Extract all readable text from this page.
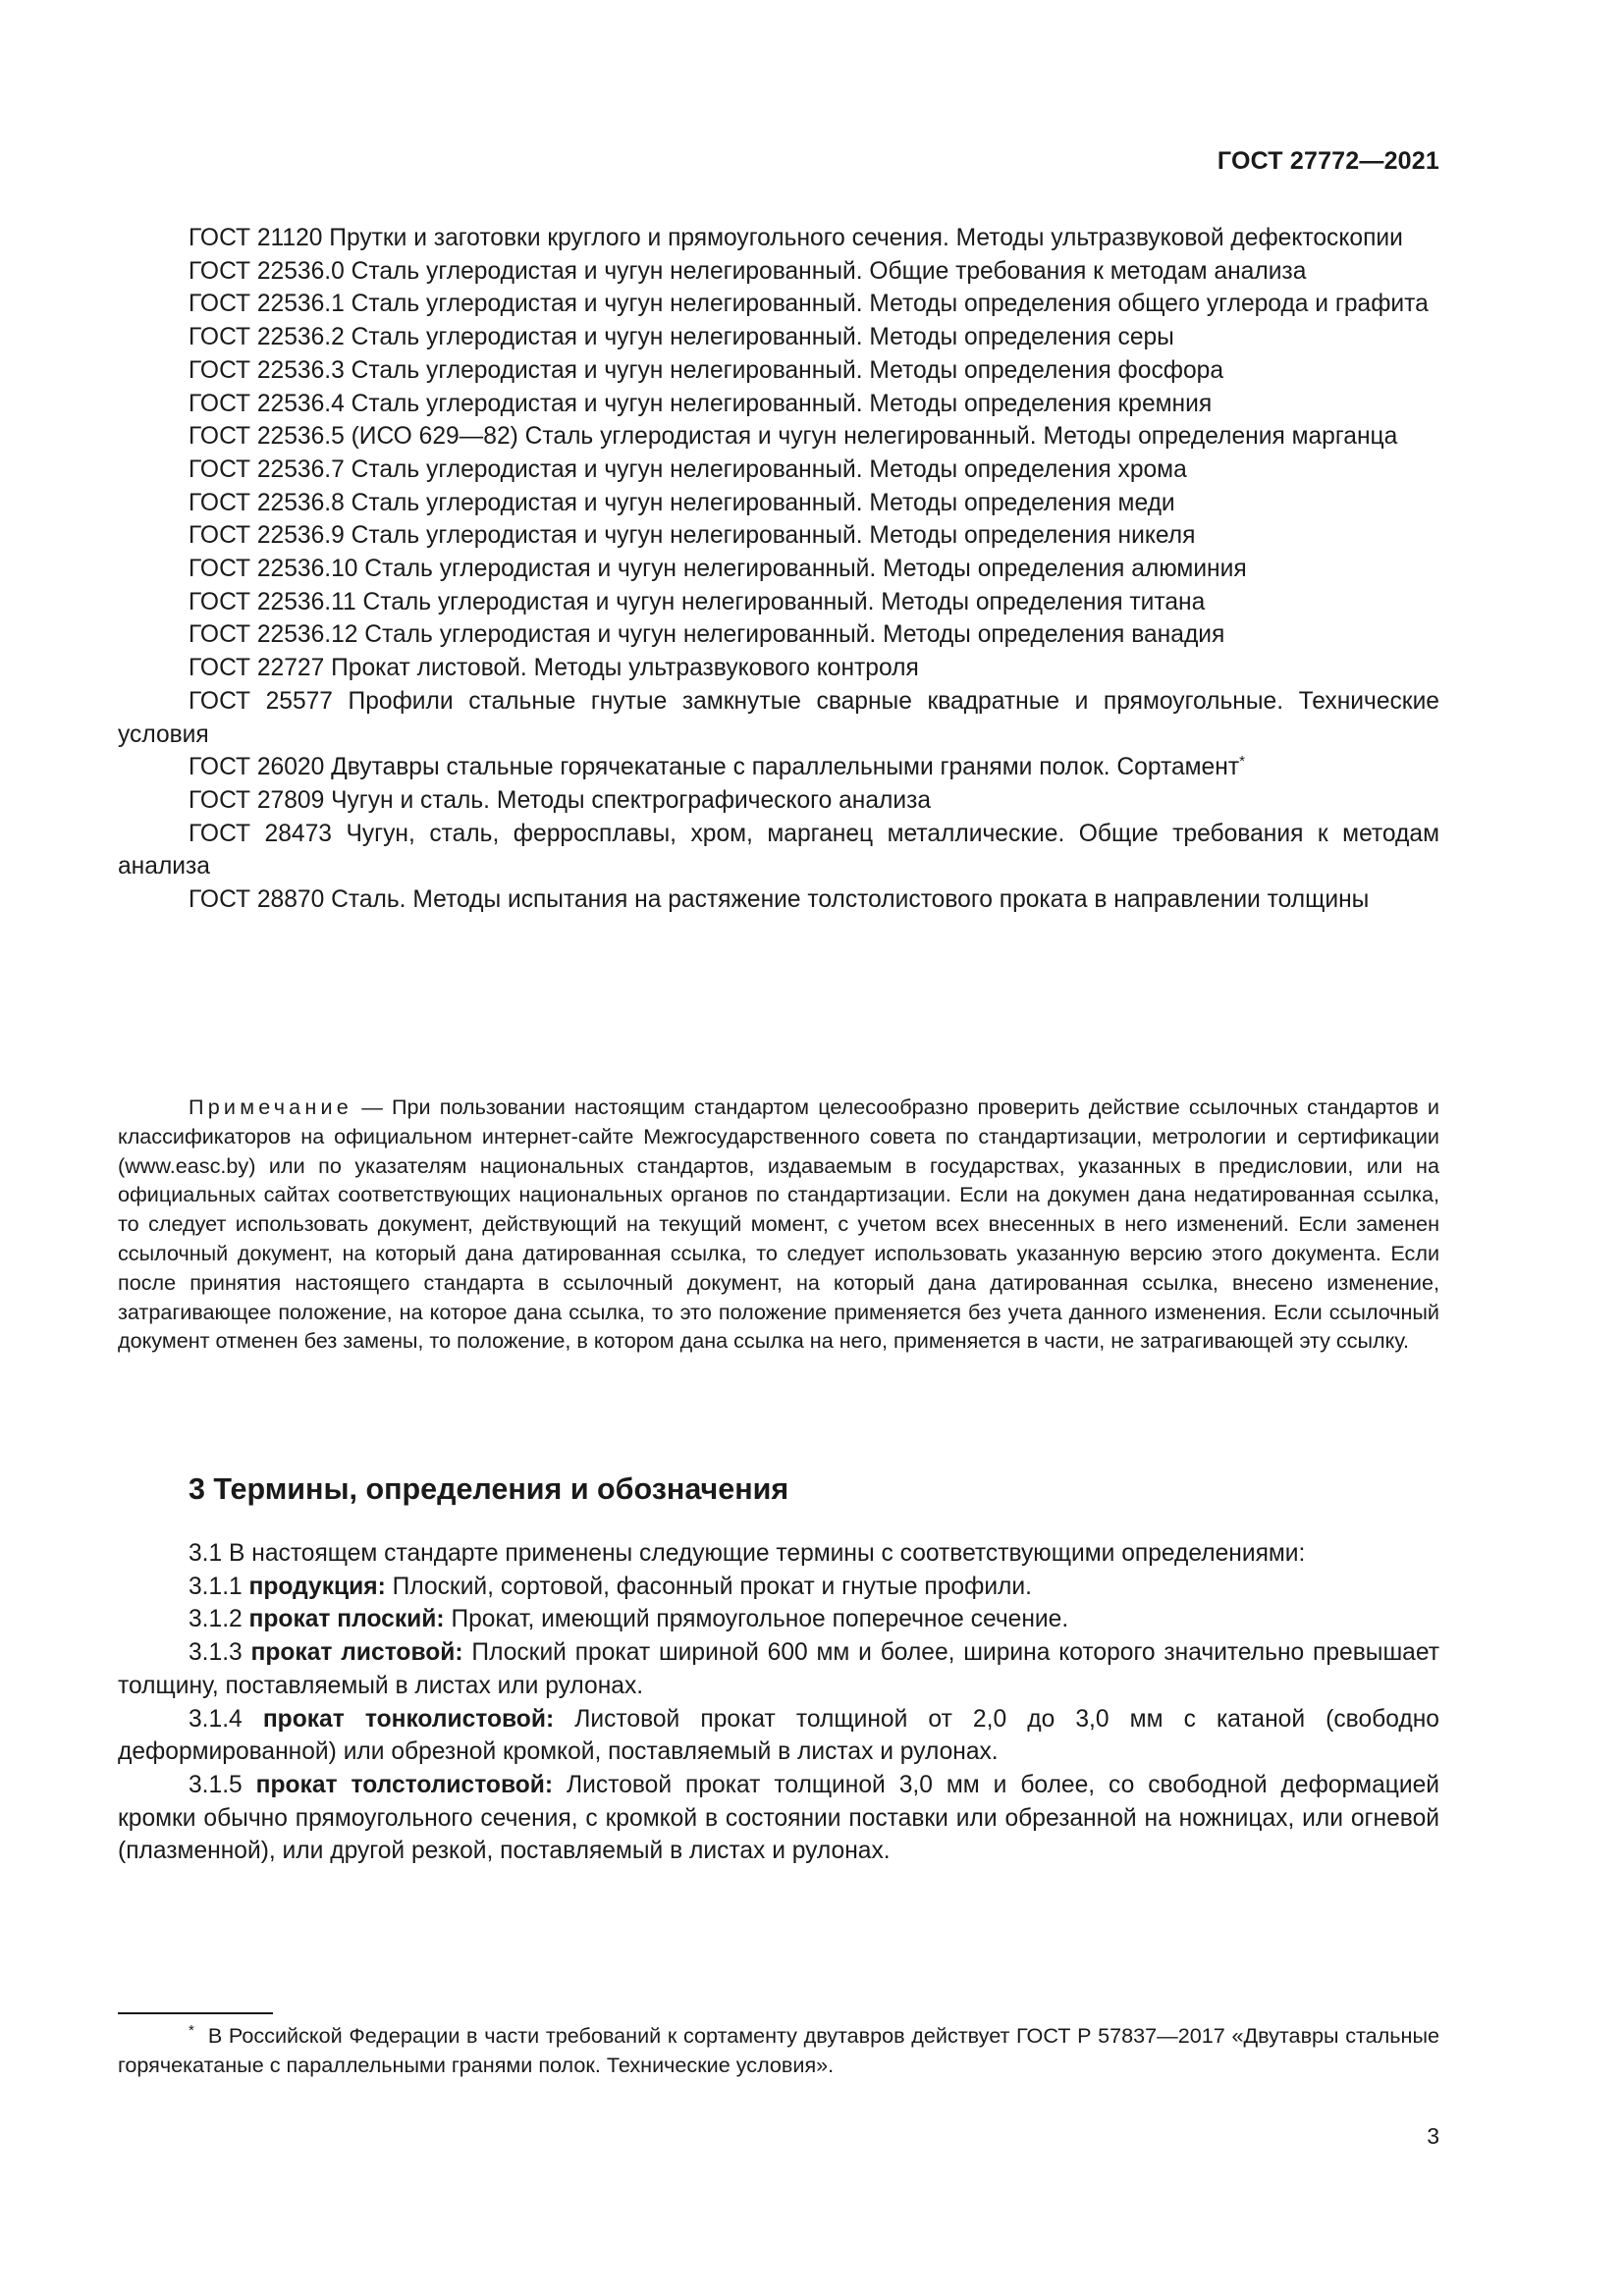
ГОСТ 27772—2021

ГОСТ 21120 Прутки и заготовки круглого и прямоугольного сечения. Методы ультразвуковой дефектоскопии

ГОСТ 22536.0 Сталь углеродистая и чугун нелегированный. Общие требования к методам анализа

ГОСТ 22536.1 Сталь углеродистая и чугун нелегированный. Методы определения общего углерода и графита

ГОСТ 22536.2 Сталь углеродистая и чугун нелегированный. Методы определения серы

ГОСТ 22536.3 Сталь углеродистая и чугун нелегированный. Методы определения фосфора

ГОСТ 22536.4 Сталь углеродистая и чугун нелегированный. Методы определения кремния

ГОСТ 22536.5 (ИСО 629—82) Сталь углеродистая и чугун нелегированный. Методы определения марганца

ГОСТ 22536.7 Сталь углеродистая и чугун нелегированный. Методы определения хрома

ГОСТ 22536.8 Сталь углеродистая и чугун нелегированный. Методы определения меди

ГОСТ 22536.9 Сталь углеродистая и чугун нелегированный. Методы определения никеля

ГОСТ 22536.10 Сталь углеродистая и чугун нелегированный. Методы определения алюминия

ГОСТ 22536.11 Сталь углеродистая и чугун нелегированный. Методы определения титана

ГОСТ 22536.12 Сталь углеродистая и чугун нелегированный. Методы определения ванадия

ГОСТ 22727 Прокат листовой. Методы ультразвукового контроля

ГОСТ 25577 Профили стальные гнутые замкнутые сварные квадратные и прямоугольные. Технические условия

ГОСТ 26020 Двутавры стальные горячекатаные с параллельными гранями полок. Сортамент*

ГОСТ 27809 Чугун и сталь. Методы спектрографического анализа

ГОСТ 28473 Чугун, сталь, ферросплавы, хром, марганец металлические. Общие требования к методам анализа

ГОСТ 28870 Сталь. Методы испытания на растяжение толстолистового проката в направлении толщины

Примечание — При пользовании настоящим стандартом целесообразно проверить действие ссылочных стандартов и классификаторов на официальном интернет-сайте Межгосударственного совета по стандартизации, метрологии и сертификации (www.easc.by) или по указателям национальных стандартов, издаваемым в государствах, указанных в предисловии, или на официальных сайтах соответствующих национальных органов по стандартизации. Если на докумен дана недатированная ссылка, то следует использовать документ, действующий на текущий момент, с учетом всех внесенных в него изменений. Если заменен ссылочный документ, на который дана датированная ссылка, то следует использовать указанную версию этого документа. Если после принятия настоящего стандарта в ссылочный документ, на который дана датированная ссылка, внесено изменение, затрагивающее положение, на которое дана ссылка, то это положение применяется без учета данного изменения. Если ссылочный документ отменен без замены, то положение, в котором дана ссылка на него, применяется в части, не затрагивающей эту ссылку.
3 Термины, определения и обозначения

3.1 В настоящем стандарте применены следующие термины с соответствующими определениями:

3.1.1 продукция: Плоский, сортовой, фасонный прокат и гнутые профили.

3.1.2 прокат плоский: Прокат, имеющий прямоугольное поперечное сечение.

3.1.3 прокат листовой: Плоский прокат шириной 600 мм и более, ширина которого значительно превышает толщину, поставляемый в листах или рулонах.

3.1.4 прокат тонколистовой: Листовой прокат толщиной от 2,0 до 3,0 мм с катаной (свободно деформированной) или обрезной кромкой, поставляемый в листах и рулонах.

3.1.5 прокат толстолистовой: Листовой прокат толщиной 3,0 мм и более, со свободной деформацией кромки обычно прямоугольного сечения, с кромкой в состоянии поставки или обрезанной на ножницах, или огневой (плазменной), или другой резкой, поставляемый в листах и рулонах.

* В Российской Федерации в части требований к сортаменту двутавров действует ГОСТ Р 57837—2017 «Двутавры стальные горячекатаные с параллельными гранями полок. Технические условия».
3
